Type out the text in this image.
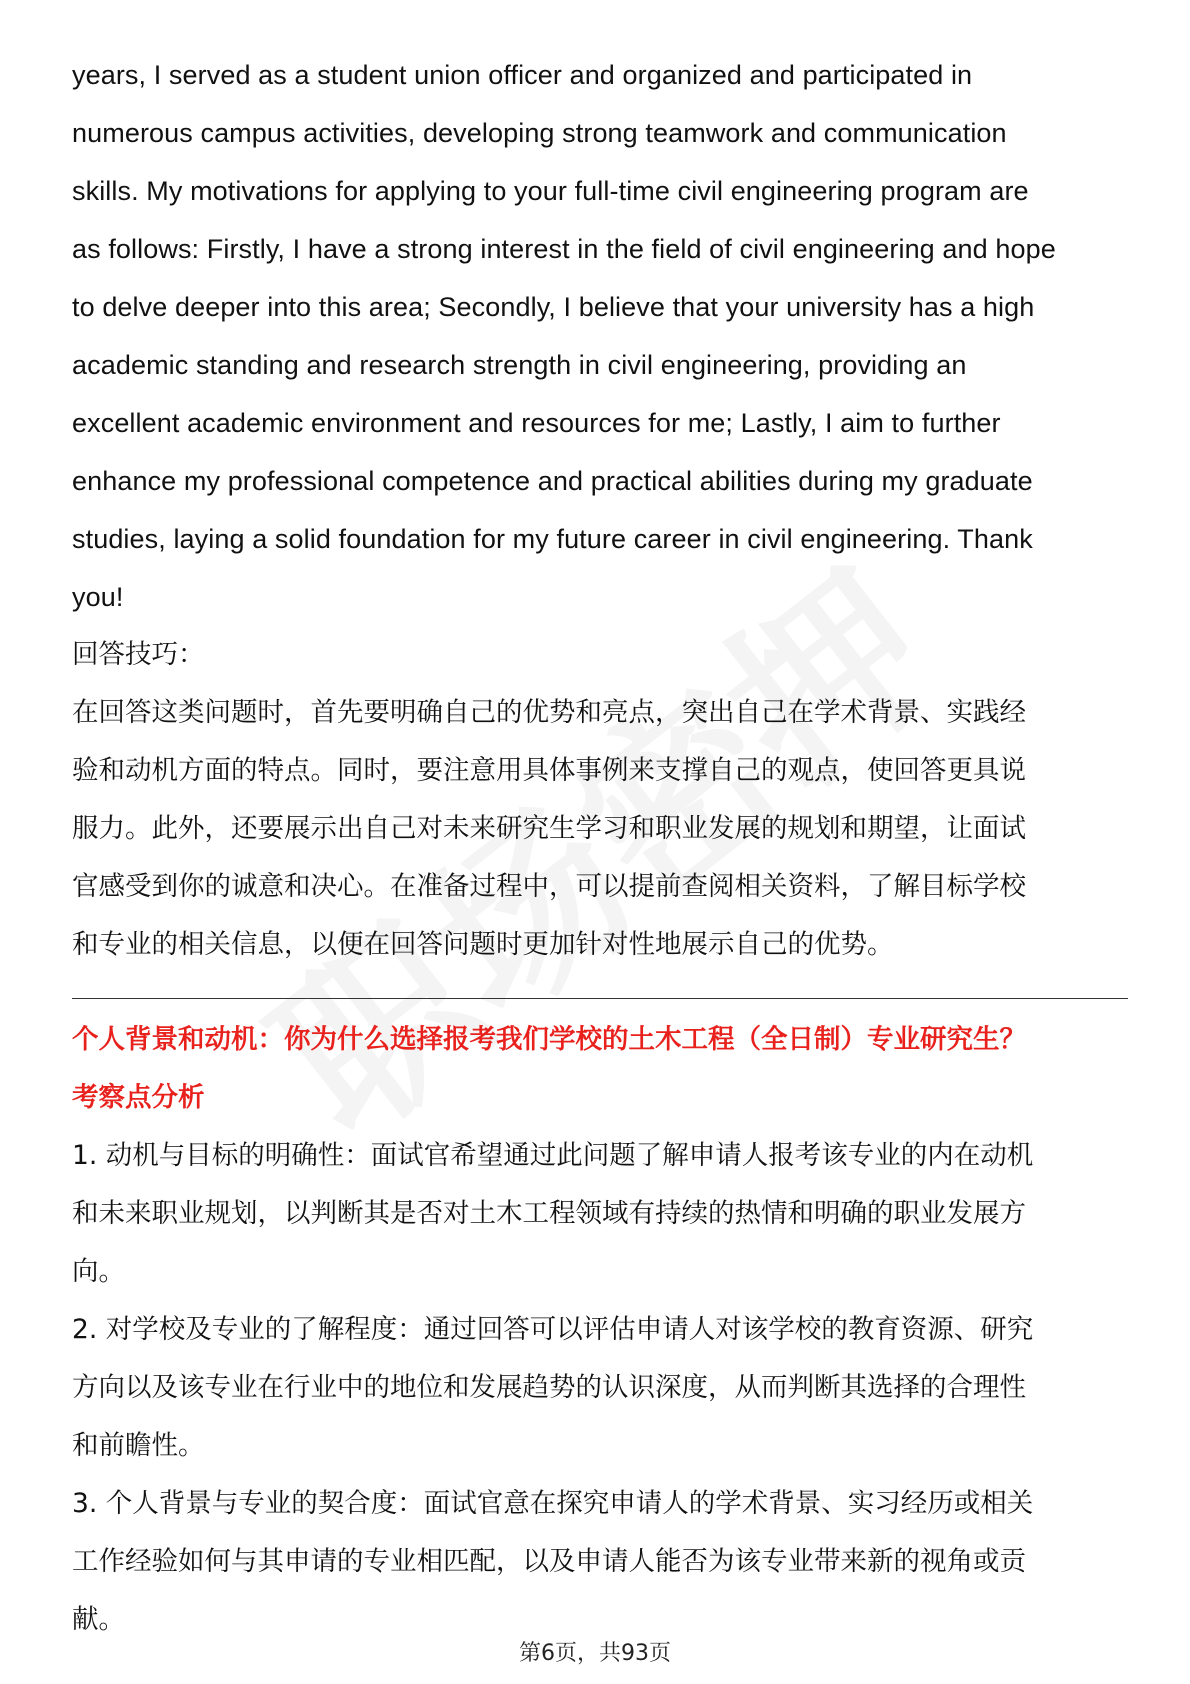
years, I served as a student union officer and organized and participated in
numerous campus activities, developing strong teamwork and communication
skills. My motivations for applying to your full-time civil engineering program are
as follows: Firstly, I have a strong interest in the field of civil engineering and hope
to delve deeper into this area; Secondly, I believe that your university has a high
academic standing and research strength in civil engineering, providing an
excellent academic environment and resources for me; Lastly, I aim to further
enhance my professional competence and practical abilities during my graduate
studies, laying a solid foundation for my future career in civil engineering. Thank
you!
回答技巧：
在回答这类问题时，首先要明确自己的优势和亮点，突出自己在学术背景、实践经
验和动机方面的特点。同时，要注意用具体事例来支撑自己的观点，使回答更具说
服力。此外，还要展示出自己对未来研究生学习和职业发展的规划和期望，让面试
官感受到你的诚意和决心。在准备过程中，可以提前查阅相关资料，了解目标学校
和专业的相关信息，以便在回答问题时更加针对性地展示自己的优势。
个人背景和动机：你为什么选择报考我们学校的土木工程（全日制）专业研究生？
考察点分析
1. 动机与目标的明确性：面试官希望通过此问题了解申请人报考该专业的内在动机
和未来职业规划，以判断其是否对土木工程领域有持续的热情和明确的职业发展方
向。
2. 对学校及专业的了解程度：通过回答可以评估申请人对该学校的教育资源、研究
方向以及该专业在行业中的地位和发展趋势的认识深度，从而判断其选择的合理性
和前瞻性。
3. 个人背景与专业的契合度：面试官意在探究申请人的学术背景、实习经历或相关
工作经验如何与其申请的专业相匹配，以及申请人能否为该专业带来新的视角或贡
献。
第6页，共93页
